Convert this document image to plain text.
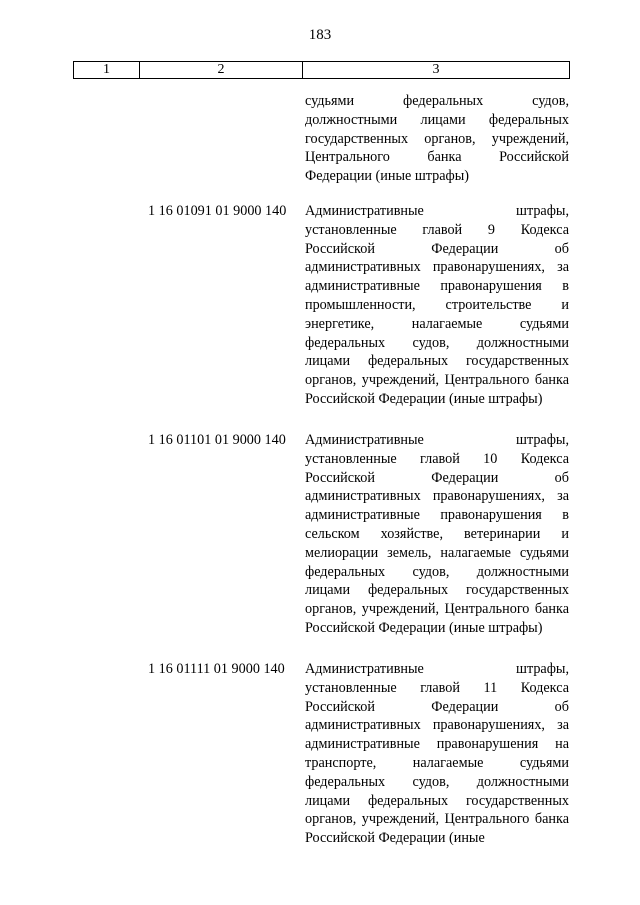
183
1	2	3
судьями федеральных судов, должностными лицами федеральных государственных органов, учреждений, Центрального банка Российской Федерации (иные штрафы)
1 16 01091 01 9000 140 Административные штрафы, установленные главой 9 Кодекса Российской Федерации об административных правонарушениях, за административные правонарушения в промышленности, строительстве и энергетике, налагаемые судьями федеральных судов, должностными лицами федеральных государственных органов, учреждений, Центрального банка Российской Федерации (иные штрафы)
1 16 01101 01 9000 140 Административные штрафы, установленные главой 10 Кодекса Российской Федерации об административных правонарушениях, за административные правонарушения в сельском хозяйстве, ветеринарии и мелиорации земель, налагаемые судьями федеральных судов, должностными лицами федеральных государственных органов, учреждений, Центрального банка Российской Федерации (иные штрафы)
1 16 01111 01 9000 140 Административные штрафы, установленные главой 11 Кодекса Российской Федерации об административных правонарушениях, за административные правонарушения на транспорте, налагаемые судьями федеральных судов, должностными лицами федеральных государственных органов, учреждений, Центрального банка Российской Федерации (иные
